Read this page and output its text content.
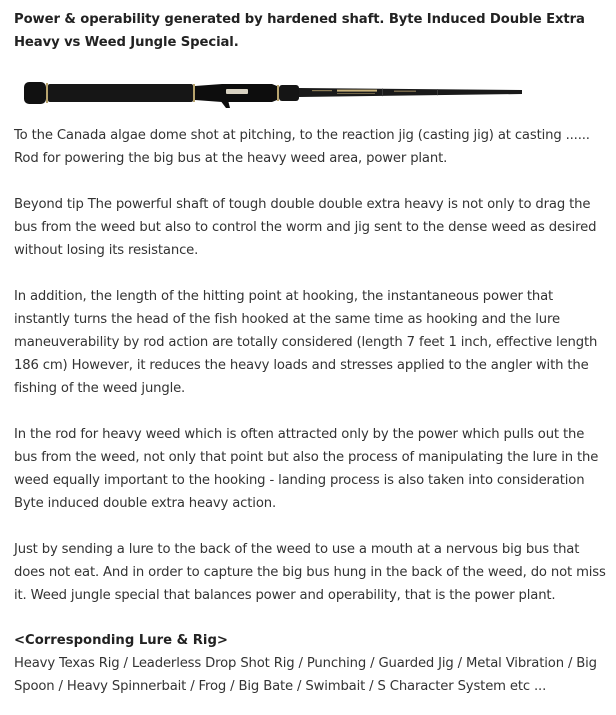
Power & operability generated by hardened shaft. Byte Induced Double Extra Heavy vs Weed Jungle Special.

To the Canada algae dome shot at pitching, to the reaction jig (casting jig) at casting ...... Rod for powering the big bus at the heavy weed area, power plant.

Beyond tip The powerful shaft of tough double double extra heavy is not only to drag the bus from the weed but also to control the worm and jig sent to the dense weed as desired without losing its resistance.

In addition, the length of the hitting point at hooking, the instantaneous power that instantly turns the head of the fish hooked at the same time as hooking and the lure maneuverability by rod action are totally considered (length 7 feet 1 inch, effective length 186 cm) However, it reduces the heavy loads and stresses applied to the angler with the fishing of the weed jungle.

In the rod for heavy weed which is often attracted only by the power which pulls out the bus from the weed, not only that point but also the process of manipulating the lure in the weed equally important to the hooking - landing process is also taken into consideration Byte induced double extra heavy action.

Just by sending a lure to the back of the weed to use a mouth at a nervous big bus that does not eat. And in order to capture the big bus hung in the back of the weed, do not miss it. Weed jungle special that balances power and operability, that is the power plant.

<Corresponding Lure & Rig>
Heavy Texas Rig / Leaderless Drop Shot Rig / Punching / Guarded Jig / Metal Vibration / Big Spoon / Heavy Spinnerbait / Frog / Big Bate / Swimbait / S Character System etc ...
